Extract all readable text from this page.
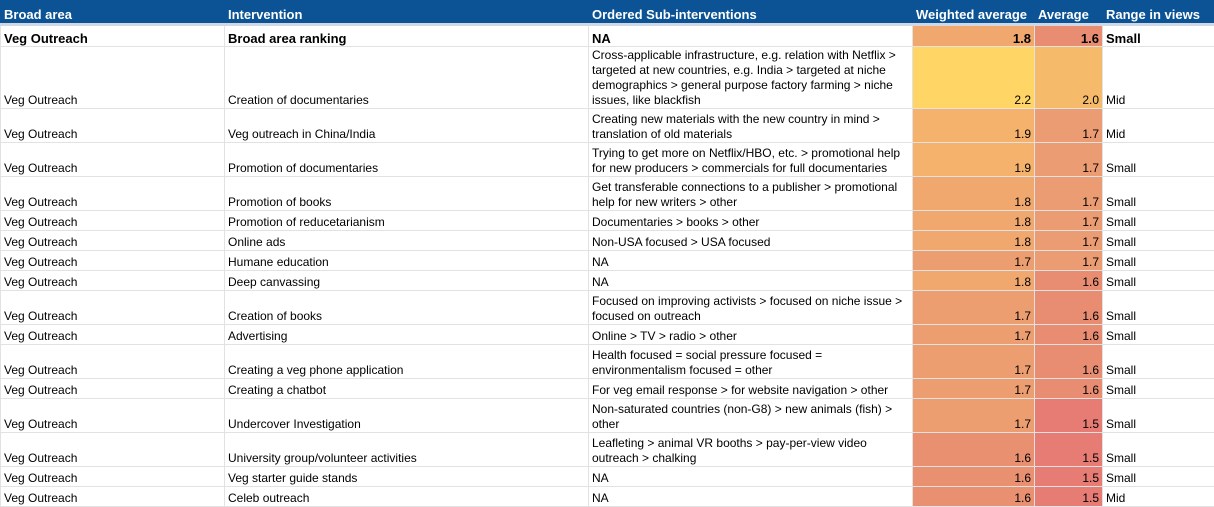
Broad area	Intervention	Ordered Sub-interventions	Weighted average	Average	Range in views

Veg Outreach	Broad area ranking	NA	1.8	1.6	Small
Veg Outreach	Creation of documentaries	Cross-applicable infrastructure, e.g. relation with Netflix > targeted at new countries, e.g. India > targeted at niche demographics > general purpose factory farming > niche issues, like blackfish	2.2	2.0	Mid
Veg Outreach	Veg outreach in China/India	Creating new materials with the new country in mind > translation of old materials	1.9	1.7	Mid
Veg Outreach	Promotion of documentaries	Trying to get more on Netflix/HBO, etc. > promotional help for new producers > commercials for full documentaries	1.9	1.7	Small
Veg Outreach	Promotion of books	Get transferable connections to a publisher > promotional help for new writers > other	1.8	1.7	Small
Veg Outreach	Promotion of reducetarianism	Documentaries > books > other	1.8	1.7	Small
Veg Outreach	Online ads	Non-USA focused > USA focused	1.8	1.7	Small
Veg Outreach	Humane education	NA	1.7	1.7	Small
Veg Outreach	Deep canvassing	NA	1.8	1.6	Small
Veg Outreach	Creation of books	Focused on improving activists > focused on niche issue > focused on outreach	1.7	1.6	Small
Veg Outreach	Advertising	Online > TV > radio > other	1.7	1.6	Small
Veg Outreach	Creating a veg phone application	Health focused = social pressure focused = environmentalism focused = other	1.7	1.6	Small
Veg Outreach	Creating a chatbot	For veg email response > for website navigation > other	1.7	1.6	Small
Veg Outreach	Undercover Investigation	Non-saturated countries (non-G8) > new animals (fish) > other	1.7	1.5	Small
Veg Outreach	University group/volunteer activities	Leafleting > animal VR booths > pay-per-view video outreach > chalking	1.6	1.5	Small
Veg Outreach	Veg starter guide stands	NA	1.6	1.5	Small
Veg Outreach	Celeb outreach	NA	1.6	1.5	Mid
